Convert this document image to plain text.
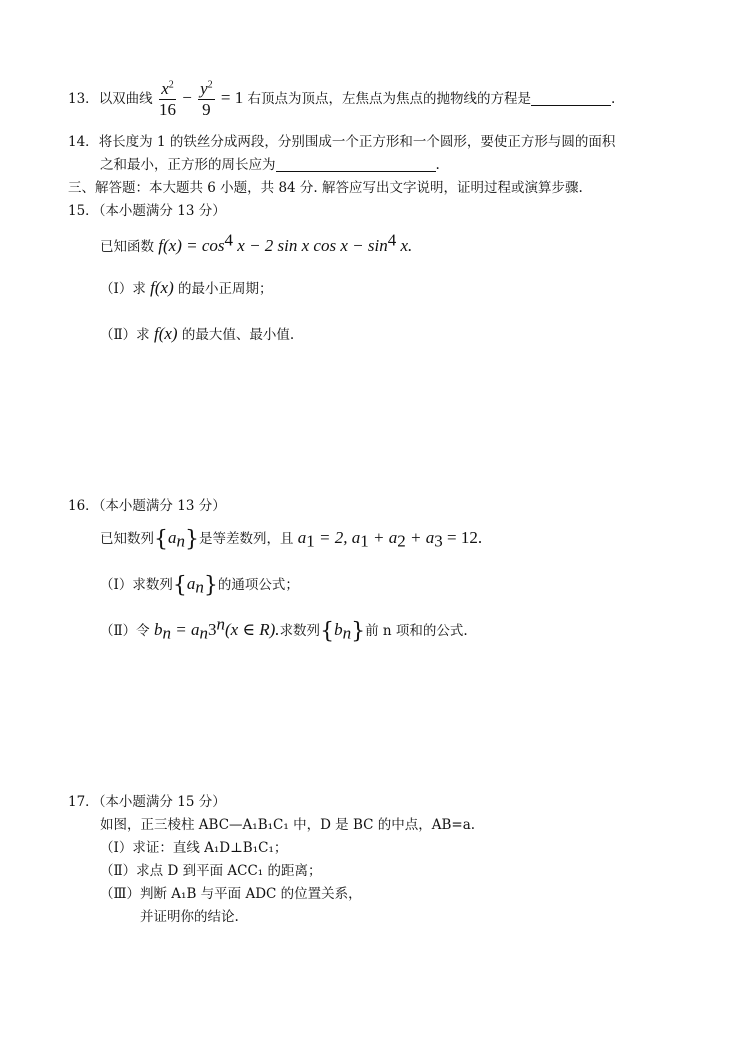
13．以双曲线 $\frac{x^2}{16} - \frac{y^2}{9} = 1$ 右顶点为顶点，左焦点为焦点的抛物线的方程是	.
14．将长度为 1 的铁丝分成两段，分别围成一个正方形和一个圆形，要使正方形与圆的面积
之和最小，正方形的周长应为	.
三、解答题：本大题共 6 小题，共 84 分. 解答应写出文字说明，证明过程或演算步骤.
15．（本小题满分 13 分）
已知函数 $f(x) = \cos^4 x - 2$ sin x $\cos x - \sin^4 x$.
（Ⅰ）求 f(x) 的最小正周期；
（Ⅱ）求 f(x) 的最大值、最小值.
16．（本小题满分 13 分）
已知数列$\{a_n\}$是等差数列，且 $a_1 = 2$, $a_1 + a_2 + a_3 = 12$.
（Ⅰ）求数列$\{a_n\}$的通项公式；
（Ⅱ）令 $b_n = a_n3^n(x$ ∈ R).求数列$\{b_n\}$前 n 项和的公式.
17．（本小题满分 15 分）
如图，正三棱柱 ABC—A₁B₁C₁ 中，D 是 BC 的中点，AB=a.
（Ⅰ）求证：直线 A₁D⊥B₁C₁；
（Ⅱ）求点 D 到平面 ACC₁ 的距离；
（Ⅲ）判断 A₁B 与平面 ADC 的位置关系，
并证明你的结论.
